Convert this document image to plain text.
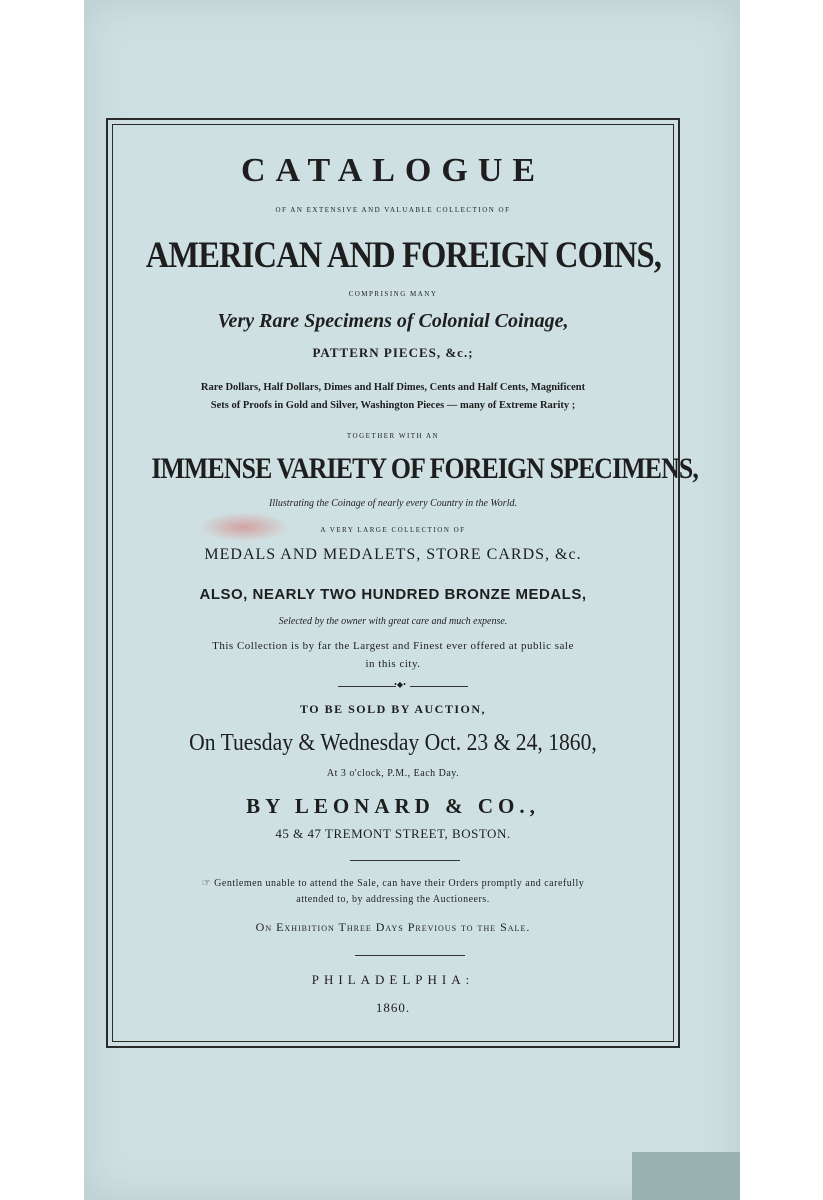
CATALOGUE

OF AN EXTENSIVE AND VALUABLE COLLECTION OF

AMERICAN AND FOREIGN COINS,

COMPRISING MANY

Very Rare Specimens of Colonial Coinage,

PATTERN PIECES, &c.;

Rare Dollars, Half Dollars, Dimes and Half Dimes, Cents and Half Cents, Magnificent

Sets of Proofs in Gold and Silver, Washington Pieces — many of Extreme Rarity ;

TOGETHER WITH AN

IMMENSE VARIETY OF FOREIGN SPECIMENS,

Illustrating the Coinage of nearly every Country in the World.

A VERY LARGE COLLECTION OF

MEDALS AND MEDALETS, STORE CARDS, &c.

ALSO, NEARLY TWO HUNDRED BRONZE MEDALS,

Selected by the owner with great care and much expense.

This Collection is by far the Largest and Finest ever offered at public sale

in this city.

•◆•

TO BE SOLD BY AUCTION,

On Tuesday & Wednesday Oct. 23 & 24, 1860,

At 3 o'clock, P.M., Each Day.

BY LEONARD & CO.,

45 & 47 TREMONT STREET, BOSTON.

☞ Gentlemen unable to attend the Sale, can have their Orders promptly and carefully

attended to, by addressing the Auctioneers.

On Exhibition Three Days Previous to the Sale.

PHILADELPHIA:

1860.
